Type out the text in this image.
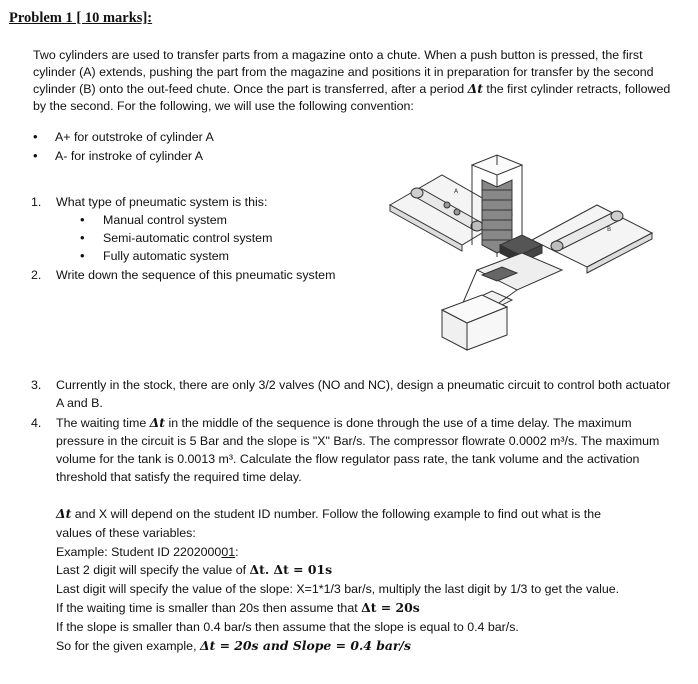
Problem 1 [ 10 marks]:
Two cylinders are used to transfer parts from a magazine onto a chute. When a push button is pressed, the first cylinder (A) extends, pushing the part from the magazine and positions it in preparation for transfer by the second cylinder (B) onto the out-feed chute. Once the part is transferred, after a period Δt the first cylinder retracts, followed by the second. For the following, we will use the following convention:
• A+ for outstroke of cylinder A
• A- for instroke of cylinder A
1. What type of pneumatic system is this:
• Manual control system
• Semi-automatic control system
• Fully automatic system
2. Write down the sequence of this pneumatic system
3. Currently in the stock, there are only 3/2 valves (NO and NC), design a pneumatic circuit to control both actuator A and B.
4. The waiting time Δt in the middle of the sequence is done through the use of a time delay. The maximum pressure in the circuit is 5 Bar and the slope is "X" Bar/s. The compressor flowrate 0.0002 m³/s. The maximum volume for the tank is 0.0013 m³. Calculate the flow regulator pass rate, the tank volume and the activation threshold that satisfy the required time delay.
Δt and X will depend on the student ID number. Follow the following example to find out what is the
values of these variables:
Example: Student ID 220200001:
Last 2 digit will specify the value of Δt. Δt = 01s
Last digit will specify the value of the slope: X=1*1/3 bar/s, multiply the last digit by 1/3 to get the value.
If the waiting time is smaller than 20s then assume that Δt = 20s
If the slope is smaller than 0.4 bar/s then assume that the slope is equal to 0.4 bar/s.
So for the given example, Δt = 20s and Slope = 0.4 bar/s
A
B
